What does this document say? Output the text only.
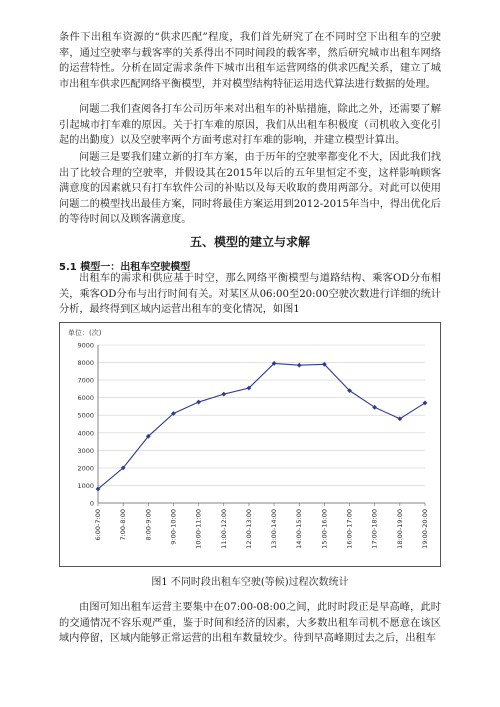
条件下出租车资源的“供求匹配”程度，我们首先研究了在不同时空下出租车的空驶率，通过空驶率与载客率的关系得出不同时间段的载客率，然后研究城市出租车网络的运营特性。分析在固定需求条件下城市出租车运营网络的供求匹配关系，建立了城市出租车供求匹配网络平衡模型，并对模型结构特征运用迭代算法进行数据的处理。

问题二我们查阅各打车公司历年来对出租车的补贴措施，除此之外，还需要了解引起城市打车难的原因。关于打车难的原因，我们从出租车积极度（司机收入变化引起的出勤度）以及空驶率两个方面考虑对打车难的影响，并建立模型计算出。

问题三是要我们建立新的打车方案，由于历年的空驶率都变化不大，因此我们找出了比较合理的空驶率，并假设其在2015年以后的五年里恒定不变，这样影响顾客满意度的因素就只有打车软件公司的补贴以及每天收取的费用两部分。对此可以使用问题二的模型找出最佳方案，同时将最佳方案运用到2012-2015年当中，得出优化后的等待时间以及顾客满意度。

五、模型的建立与求解
5.1 模型一：出租车空驶模型

出租车的需求和供应基于时空，那么网络平衡模型与道路结构、乘客OD分布相关，乘客OD分布与出行时间有关。对某区从06:00至20:00空驶次数进行详细的统计分析，最终得到区域内运营出租车的变化情况，如图1

单位：(次)
0
1000
2000
3000
4000
5000
6000
7000
8000
9000
6:00-7:00	7:00-8:00	8:00-9:00	9:00-10:00	10:00-11:00	11:00-12:00	12:00-13:00	13:00-14:00	14:00-15:00	15:00-16:00	16:00-17:00	17:00-18:00	18:00-19:00	19:00-20:00

图1 不同时段出租车空驶(等候)过程次数统计

由图可知出租车运营主要集中在07:00-08:00之间，此时时段正是早高峰，此时的交通情况不容乐观严重，鉴于时间和经济的因素，大多数出租车司机不愿意在该区域内停留，区域内能够正常运营的出租车数量较少。待到早高峰期过去之后，出租车
